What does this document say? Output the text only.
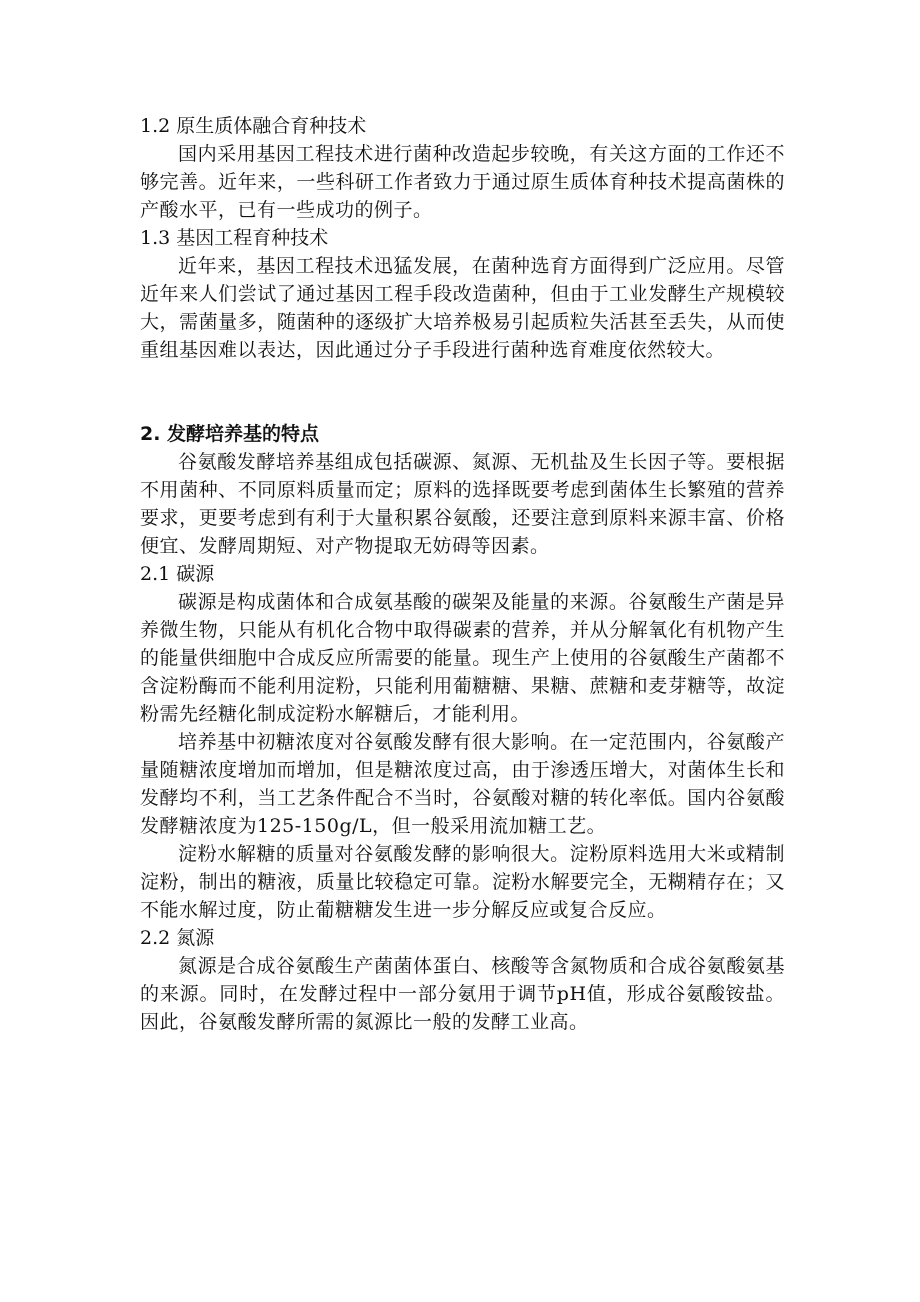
1.2 原生质体融合育种技术

国内采用基因工程技术进行菌种改造起步较晚，有关这方面的工作还不够完善。近年来，一些科研工作者致力于通过原生质体育种技术提高菌株的产酸水平，已有一些成功的例子。

1.3 基因工程育种技术

近年来，基因工程技术迅猛发展，在菌种选育方面得到广泛应用。尽管近年来人们尝试了通过基因工程手段改造菌种，但由于工业发酵生产规模较大，需菌量多，随菌种的逐级扩大培养极易引起质粒失活甚至丢失，从而使重组基因难以表达，因此通过分子手段进行菌种选育难度依然较大。

2. 发酵培养基的特点

谷氨酸发酵培养基组成包括碳源、氮源、无机盐及生长因子等。要根据不用菌种、不同原料质量而定；原料的选择既要考虑到菌体生长繁殖的营养要求，更要考虑到有利于大量积累谷氨酸，还要注意到原料来源丰富、价格便宜、发酵周期短、对产物提取无妨碍等因素。

2.1 碳源

碳源是构成菌体和合成氨基酸的碳架及能量的来源。谷氨酸生产菌是异养微生物，只能从有机化合物中取得碳素的营养，并从分解氧化有机物产生的能量供细胞中合成反应所需要的能量。现生产上使用的谷氨酸生产菌都不含淀粉酶而不能利用淀粉，只能利用葡糖糖、果糖、蔗糖和麦芽糖等，故淀粉需先经糖化制成淀粉水解糖后，才能利用。

培养基中初糖浓度对谷氨酸发酵有很大影响。在一定范围内，谷氨酸产量随糖浓度增加而增加，但是糖浓度过高，由于渗透压增大，对菌体生长和发酵均不利，当工艺条件配合不当时，谷氨酸对糖的转化率低。国内谷氨酸发酵糖浓度为125-150g/L，但一般采用流加糖工艺。

淀粉水解糖的质量对谷氨酸发酵的影响很大。淀粉原料选用大米或精制淀粉，制出的糖液，质量比较稳定可靠。淀粉水解要完全，无糊精存在；又不能水解过度，防止葡糖糖发生进一步分解反应或复合反应。

2.2 氮源

氮源是合成谷氨酸生产菌菌体蛋白、核酸等含氮物质和合成谷氨酸氨基的来源。同时，在发酵过程中一部分氨用于调节pH值，形成谷氨酸铵盐。因此，谷氨酸发酵所需的氮源比一般的发酵工业高。
